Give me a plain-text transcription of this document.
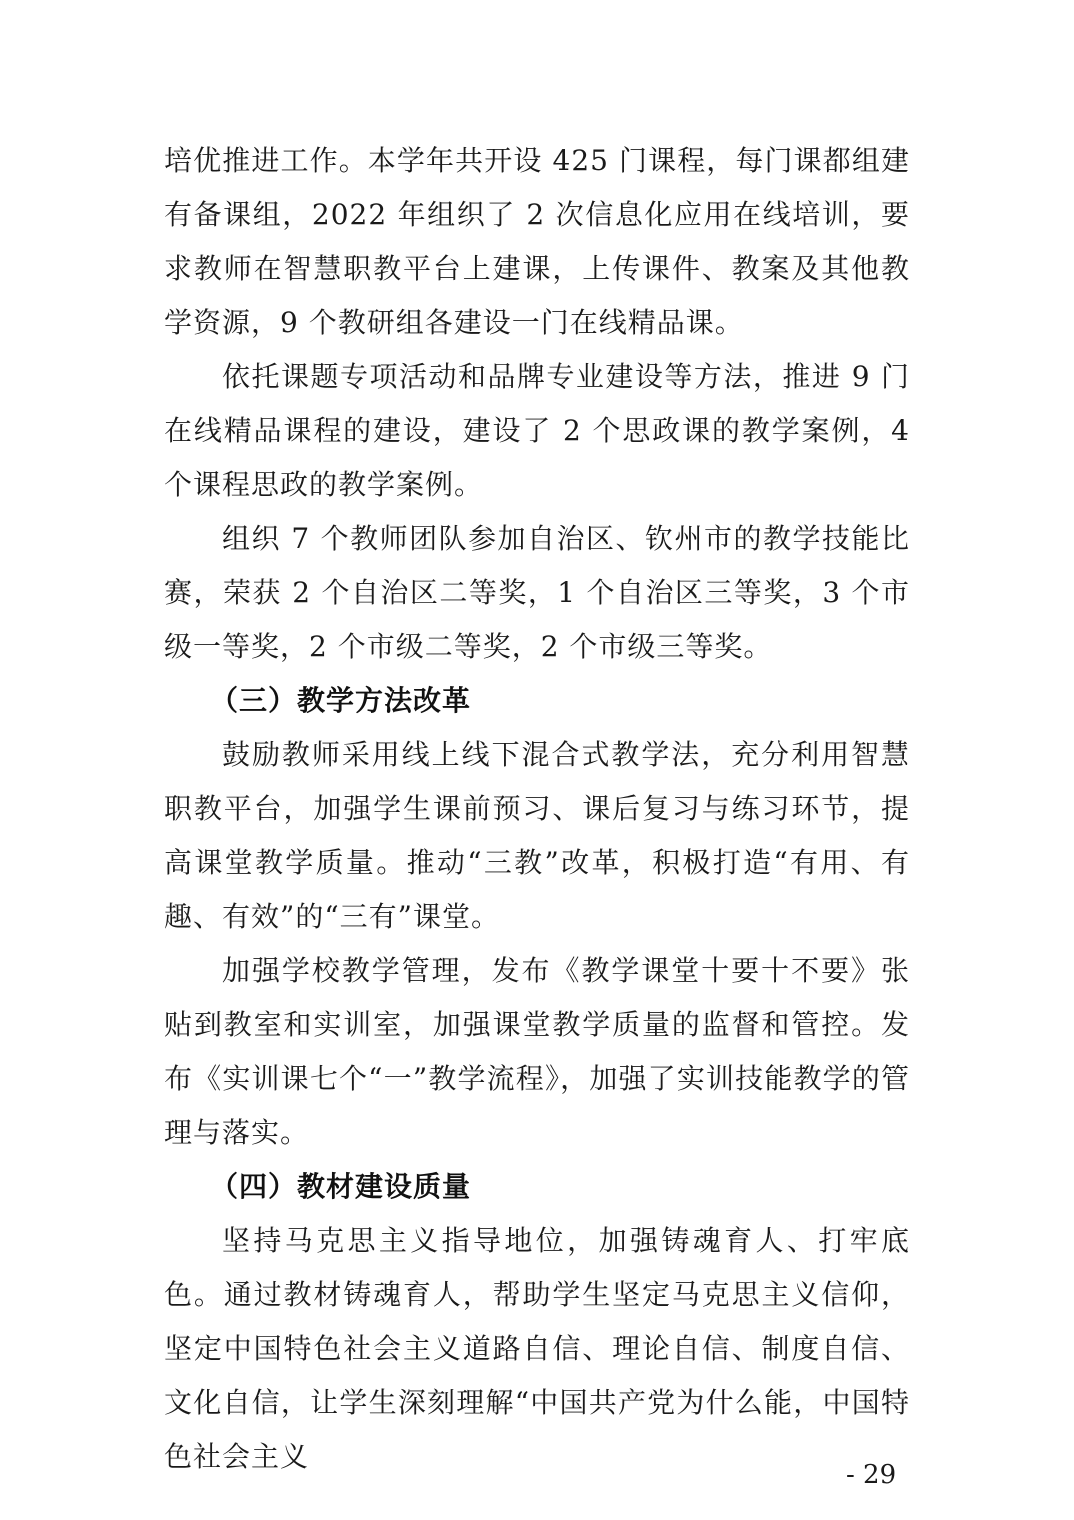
培优推进工作。本学年共开设 425 门课程，每门课都组建有备课组，2022 年组织了 2 次信息化应用在线培训，要求教师在智慧职教平台上建课，上传课件、教案及其他教学资源，9 个教研组各建设一门在线精品课。

依托课题专项活动和品牌专业建设等方法，推进 9 门在线精品课程的建设，建设了 2 个思政课的教学案例，4 个课程思政的教学案例。

组织 7 个教师团队参加自治区、钦州市的教学技能比赛，荣获 2 个自治区二等奖，1 个自治区三等奖，3 个市级一等奖，2 个市级二等奖，2 个市级三等奖。

（三）教学方法改革

鼓励教师采用线上线下混合式教学法，充分利用智慧职教平台，加强学生课前预习、课后复习与练习环节，提高课堂教学质量。推动“三教”改革，积极打造“有用、有趣、有效”的“三有”课堂。

加强学校教学管理，发布《教学课堂十要十不要》张贴到教室和实训室，加强课堂教学质量的监督和管控。发布《实训课七个“一”教学流程》，加强了实训技能教学的管理与落实。

（四）教材建设质量

坚持马克思主义指导地位，加强铸魂育人、打牢底色。通过教材铸魂育人，帮助学生坚定马克思主义信仰，坚定中国特色社会主义道路自信、理论自信、制度自信、文化自信，让学生深刻理解“中国共产党为什么能，中国特色社会主义

- 29
